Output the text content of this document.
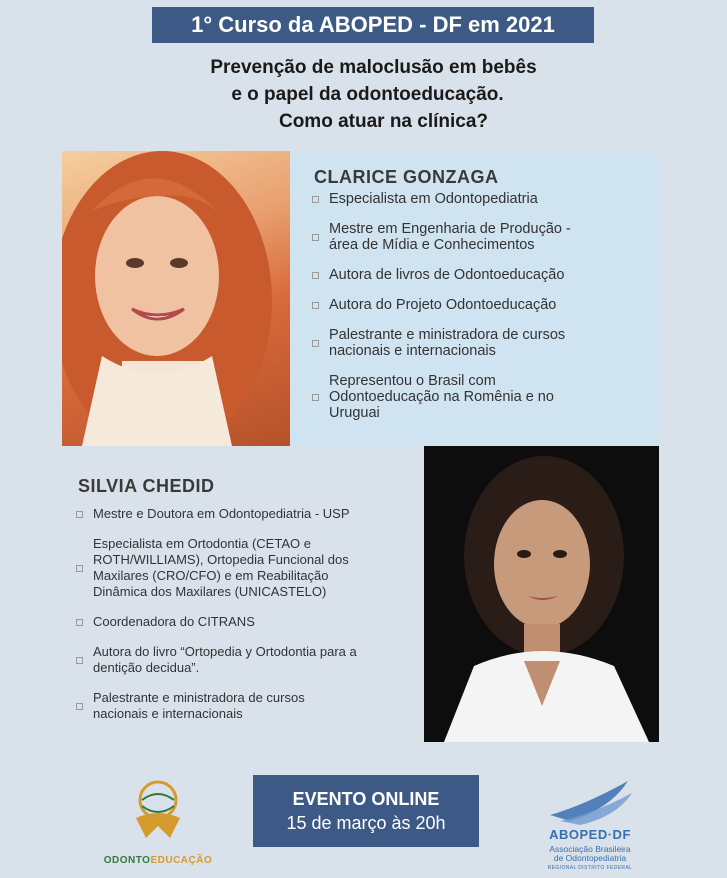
1° Curso da ABOPED - DF em 2021
Prevenção de maloclusão em bebês
e o papel da odontoeducação.
Como atuar na clínica?
CLARICE GONZAGA
Especialista em Odontopediatria
Mestre em Engenharia de Produção -
área de Mídia e Conhecimentos
Autora de livros de Odontoeducação
Autora do Projeto Odontoeducação
Palestrante e ministradora de cursos
nacionais e internacionais
Representou o Brasil com
Odontoeducação na Romênia e no
Uruguai
SILVIA CHEDID
Mestre e Doutora em Odontopediatria - USP
Especialista em Ortodontia (CETAO e
ROTH/WILLIAMS), Ortopedia Funcional dos
Maxilares (CRO/CFO) e em Reabilitação
Dinâmica dos Maxilares (UNICASTELO)
Coordenadora do CITRANS
Autora do livro “Ortopedia y Ortodontia para a
dentição decidua”.
Palestrante e ministradora de cursos
nacionais e internacionais
ODONTOEDUCAÇÃO
EVENTO ONLINE
15 de março às 20h
ABOPED·DF
Associação Brasileira
de Odontopediatria
REGIONAL DISTRITO FEDERAL
